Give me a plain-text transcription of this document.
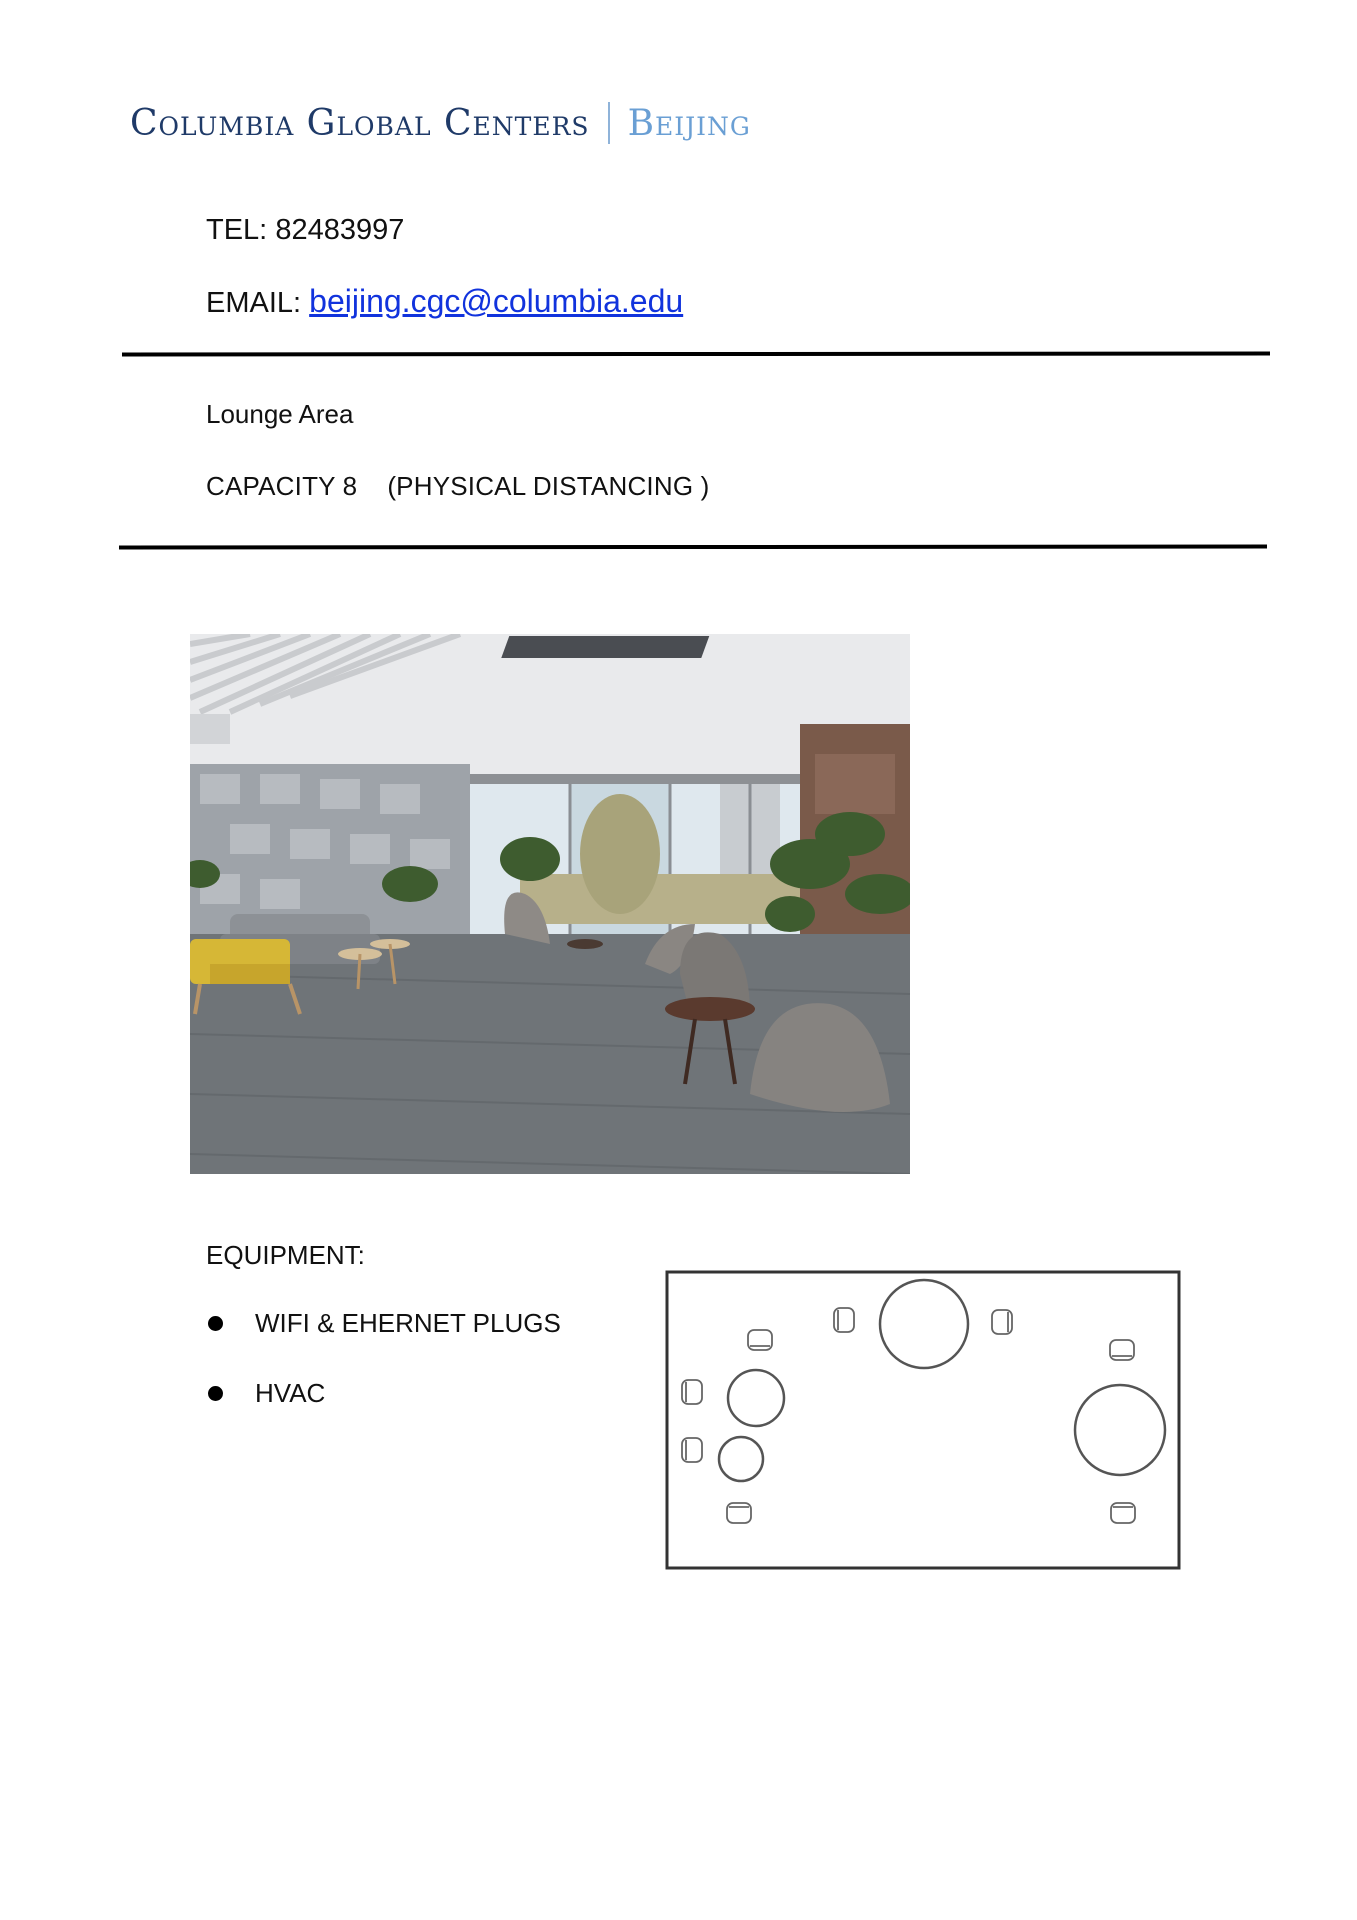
Columbia Global Centers Beijing
TEL: 82483997
EMAIL: beijing.cgc@columbia.edu
Lounge Area
CAPACITY 8 (PHYSICAL DISTANCING )
EQUIPMENT:
WIFI & EHERNET PLUGS
HVAC
